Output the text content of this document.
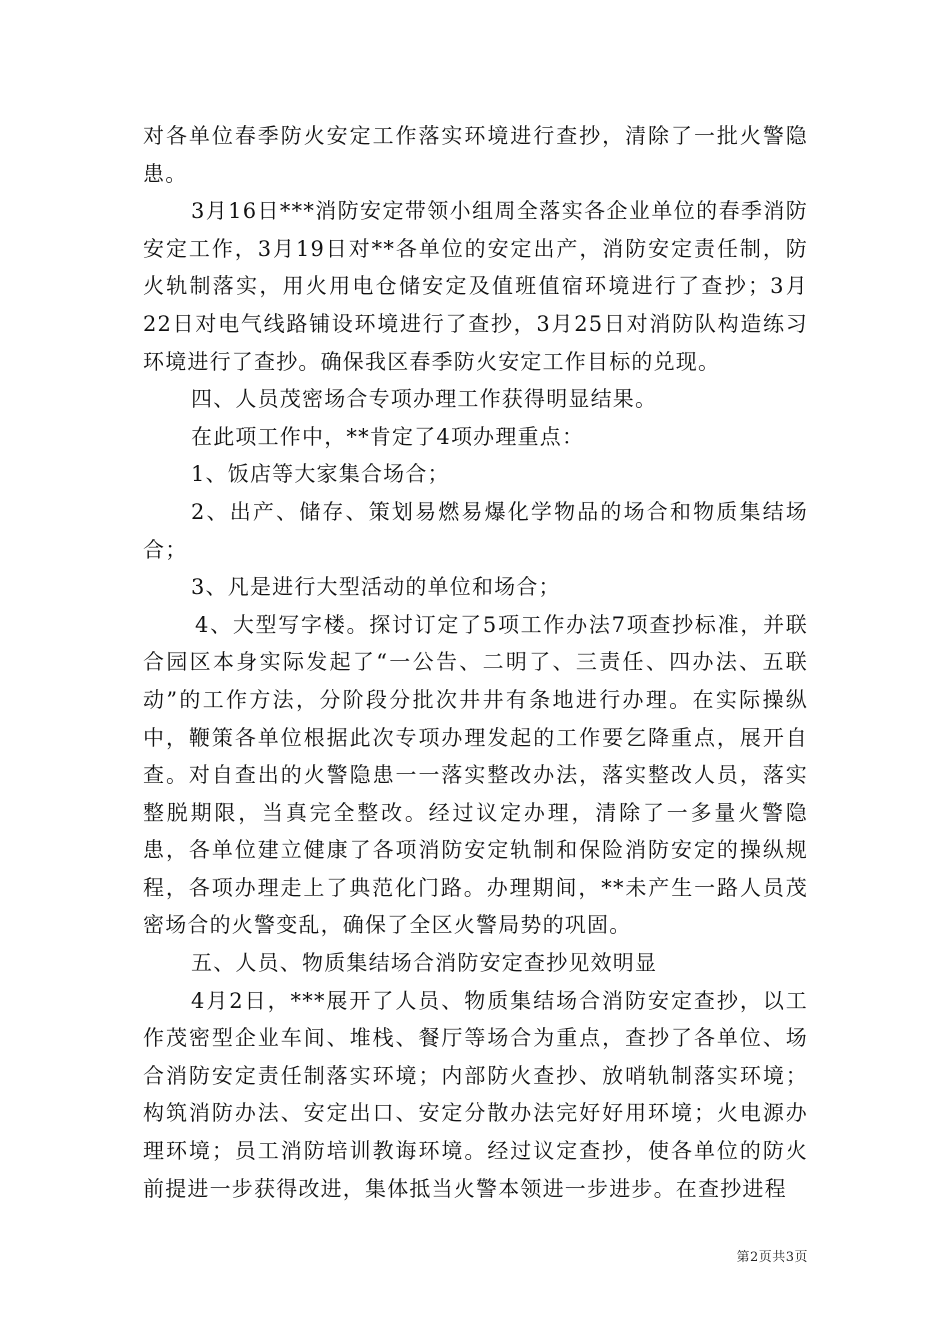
对各单位春季防火安定工作落实环境进行查抄，清除了一批火警隐患。

3月16日***消防安定带领小组周全落实各企业单位的春季消防安定工作，3月19日对**各单位的安定出产，消防安定责任制，防火轨制落实，用火用电仓储安定及值班值宿环境进行了查抄；3月22日对电气线路铺设环境进行了查抄，3月25日对消防队构造练习环境进行了查抄。确保我区春季防火安定工作目标的兑现。

四、人员茂密场合专项办理工作获得明显结果。

在此项工作中，**肯定了4项办理重点：

1、饭店等大家集合场合；

2、出产、储存、策划易燃易爆化学物品的场合和物质集结场合；

3、凡是进行大型活动的单位和场合；

4、大型写字楼。探讨订定了5项工作办法7项查抄标准，并联合园区本身实际发起了“一公告、二明了、三责任、四办法、五联动”的工作方法，分阶段分批次井井有条地进行办理。在实际操纵中，鞭策各单位根据此次专项办理发起的工作要乞降重点，展开自查。对自查出的火警隐患一一落实整改办法，落实整改人员，落实整脱期限，当真完全整改。经过议定办理，清除了一多量火警隐患，各单位建立健康了各项消防安定轨制和保险消防安定的操纵规程，各项办理走上了典范化门路。办理期间，**未产生一路人员茂密场合的火警变乱，确保了全区火警局势的巩固。

五、人员、物质集结场合消防安定查抄见效明显

4月2日，***展开了人员、物质集结场合消防安定查抄，以工作茂密型企业车间、堆栈、餐厅等场合为重点，查抄了各单位、场合消防安定责任制落实环境；内部防火查抄、放哨轨制落实环境；构筑消防办法、安定出口、安定分散办法完好好用环境；火电源办理环境；员工消防培训教诲环境。经过议定查抄，使各单位的防火前提进一步获得改进，集体抵当火警本领进一步进步。在查抄进程

第2页共3页
